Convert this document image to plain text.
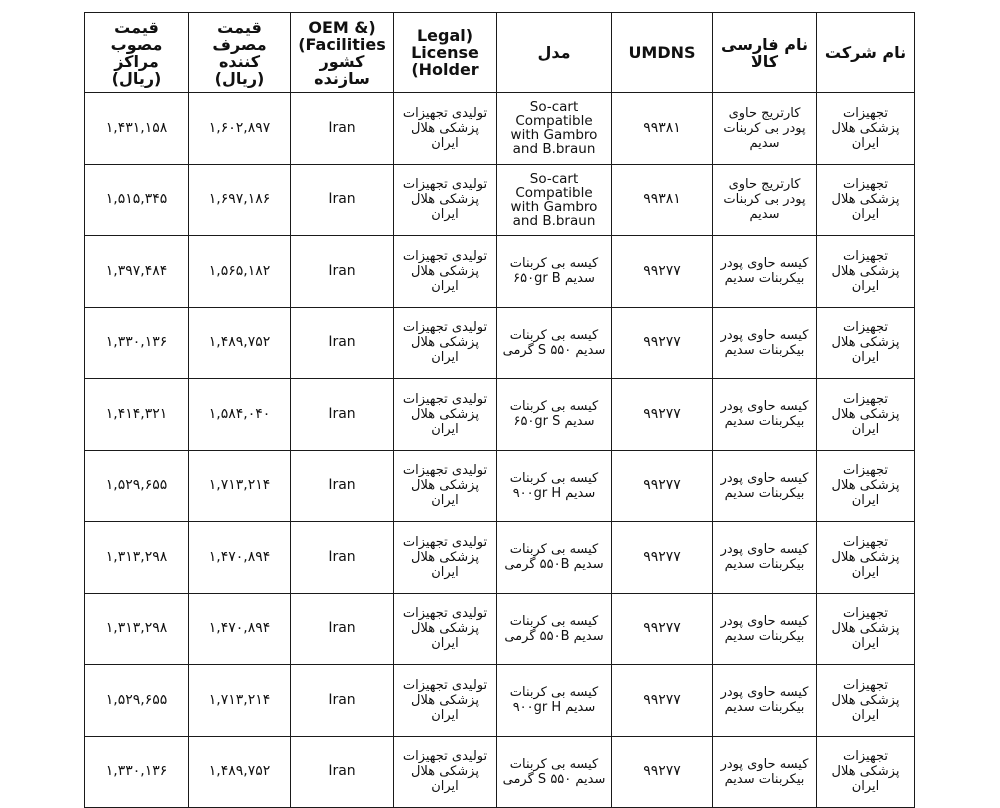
نام شرکت	نام فارسی کالا	UMDNS	مدل	Legal) License (Holder	OEM &) (Facilities کشور سازنده	قیمت مصرف کننده (ریال)	قیمت مصوب مراکز (ریال)
تجهیزات پزشکی هلال ایران	کارتریج حاوی پودر بی کربنات سدیم	۹۹۳۸۱	So-cart Compatible with Gambro and B.braun	تولیدی تجهیزات پزشکی هلال ایران	Iran	۱,۶۰۲,۸۹۷	۱,۴۳۱,۱۵۸
تجهیزات پزشکی هلال ایران	کارتریج حاوی پودر بی کربنات سدیم	۹۹۳۸۱	So-cart Compatible with Gambro and B.braun	تولیدی تجهیزات پزشکی هلال ایران	Iran	۱,۶۹۷,۱۸۶	۱,۵۱۵,۳۴۵
تجهیزات پزشکی هلال ایران	کیسه حاوی پودر بیکربنات سدیم	۹۹۲۷۷	کیسه بی کربنات سدیم ۶۵۰gr B	تولیدی تجهیزات پزشکی هلال ایران	Iran	۱,۵۶۵,۱۸۲	۱,۳۹۷,۴۸۴
تجهیزات پزشکی هلال ایران	کیسه حاوی پودر بیکربنات سدیم	۹۹۲۷۷	کیسه بی کربنات سدیم ۵۵۰ S گرمی	تولیدی تجهیزات پزشکی هلال ایران	Iran	۱,۴۸۹,۷۵۲	۱,۳۳۰,۱۳۶
تجهیزات پزشکی هلال ایران	کیسه حاوی پودر بیکربنات سدیم	۹۹۲۷۷	کیسه بی کربنات سدیم ۶۵۰gr S	تولیدی تجهیزات پزشکی هلال ایران	Iran	۱,۵۸۴,۰۴۰	۱,۴۱۴,۳۲۱
تجهیزات پزشکی هلال ایران	کیسه حاوی پودر بیکربنات سدیم	۹۹۲۷۷	کیسه بی کربنات سدیم ۹۰۰gr H	تولیدی تجهیزات پزشکی هلال ایران	Iran	۱,۷۱۳,۲۱۴	۱,۵۲۹,۶۵۵
تجهیزات پزشکی هلال ایران	کیسه حاوی پودر بیکربنات سدیم	۹۹۲۷۷	کیسه بی کربنات سدیم ۵۵۰B گرمی	تولیدی تجهیزات پزشکی هلال ایران	Iran	۱,۴۷۰,۸۹۴	۱,۳۱۳,۲۹۸
تجهیزات پزشکی هلال ایران	کیسه حاوی پودر بیکربنات سدیم	۹۹۲۷۷	کیسه بی کربنات سدیم ۵۵۰B گرمی	تولیدی تجهیزات پزشکی هلال ایران	Iran	۱,۴۷۰,۸۹۴	۱,۳۱۳,۲۹۸
تجهیزات پزشکی هلال ایران	کیسه حاوی پودر بیکربنات سدیم	۹۹۲۷۷	کیسه بی کربنات سدیم ۹۰۰gr H	تولیدی تجهیزات پزشکی هلال ایران	Iran	۱,۷۱۳,۲۱۴	۱,۵۲۹,۶۵۵
تجهیزات پزشکی هلال ایران	کیسه حاوی پودر بیکربنات سدیم	۹۹۲۷۷	کیسه بی کربنات سدیم ۵۵۰ S گرمی	تولیدی تجهیزات پزشکی هلال ایران	Iran	۱,۴۸۹,۷۵۲	۱,۳۳۰,۱۳۶
